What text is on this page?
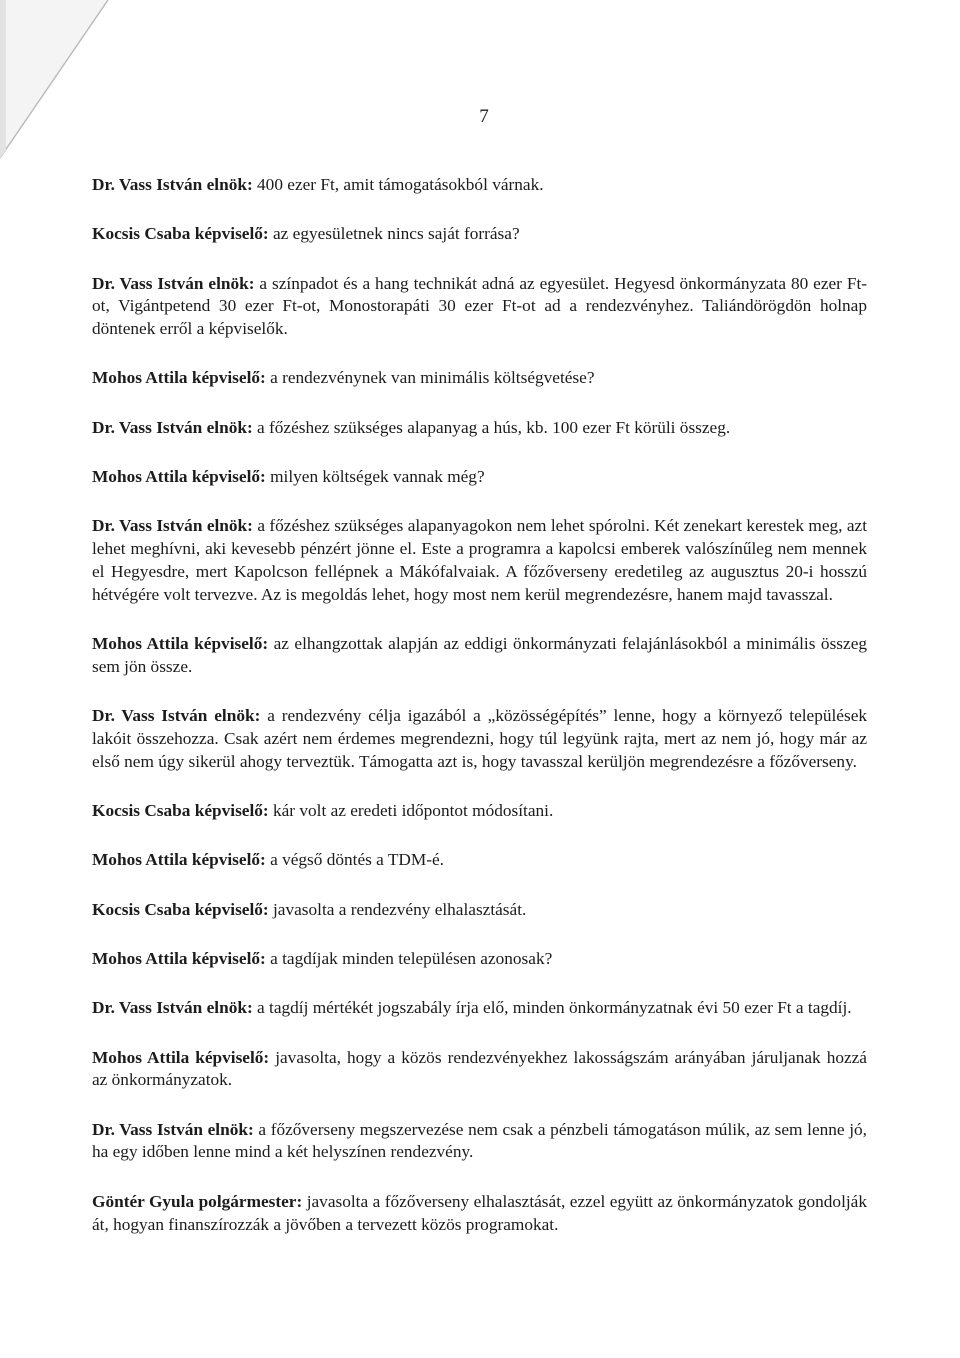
7

Dr. Vass István elnök: 400 ezer Ft, amit támogatásokból várnak.

Kocsis Csaba képviselő: az egyesületnek nincs saját forrása?

Dr. Vass István elnök: a színpadot és a hang technikát adná az egyesület. Hegyesd önkormányzata 80 ezer Ft-ot, Vigántpetend 30 ezer Ft-ot, Monostorapáti 30 ezer Ft-ot ad a rendezvényhez. Taliándörögdön holnap döntenek erről a képviselők.

Mohos Attila képviselő: a rendezvénynek van minimális költségvetése?

Dr. Vass István elnök: a főzéshez szükséges alapanyag a hús, kb. 100 ezer Ft körüli összeg.

Mohos Attila képviselő: milyen költségek vannak még?

Dr. Vass István elnök: a főzéshez szükséges alapanyagokon nem lehet spórolni. Két zenekart kerestek meg, azt lehet meghívni, aki kevesebb pénzért jönne el. Este a programra a kapolcsi emberek valószínűleg nem mennek el Hegyesdre, mert Kapolcson fellépnek a Mákófalvaiak. A főzőverseny eredetileg az augusztus 20-i hosszú hétvégére volt tervezve. Az is megoldás lehet, hogy most nem kerül megrendezésre, hanem majd tavasszal.

Mohos Attila képviselő: az elhangzottak alapján az eddigi önkormányzati felajánlásokból a minimális összeg sem jön össze.

Dr. Vass István elnök: a rendezvény célja igazából a „közösségépítés” lenne, hogy a környező települések lakóit összehozza. Csak azért nem érdemes megrendezni, hogy túl legyünk rajta, mert az nem jó, hogy már az első nem úgy sikerül ahogy terveztük. Támogatta azt is, hogy tavasszal kerüljön megrendezésre a főzőverseny.

Kocsis Csaba képviselő: kár volt az eredeti időpontot módosítani.

Mohos Attila képviselő: a végső döntés a TDM-é.

Kocsis Csaba képviselő: javasolta a rendezvény elhalasztását.

Mohos Attila képviselő: a tagdíjak minden településen azonosak?

Dr. Vass István elnök: a tagdíj mértékét jogszabály írja elő, minden önkormányzatnak évi 50 ezer Ft a tagdíj.

Mohos Attila képviselő: javasolta, hogy a közös rendezvényekhez lakosságszám arányában járuljanak hozzá az önkormányzatok.

Dr. Vass István elnök: a főzőverseny megszervezése nem csak a pénzbeli támogatáson múlik, az sem lenne jó, ha egy időben lenne mind a két helyszínen rendezvény.

Göntér Gyula polgármester: javasolta a főzőverseny elhalasztását, ezzel együtt az önkormányzatok gondolják át, hogyan finanszírozzák a jövőben a tervezett közös programokat.
